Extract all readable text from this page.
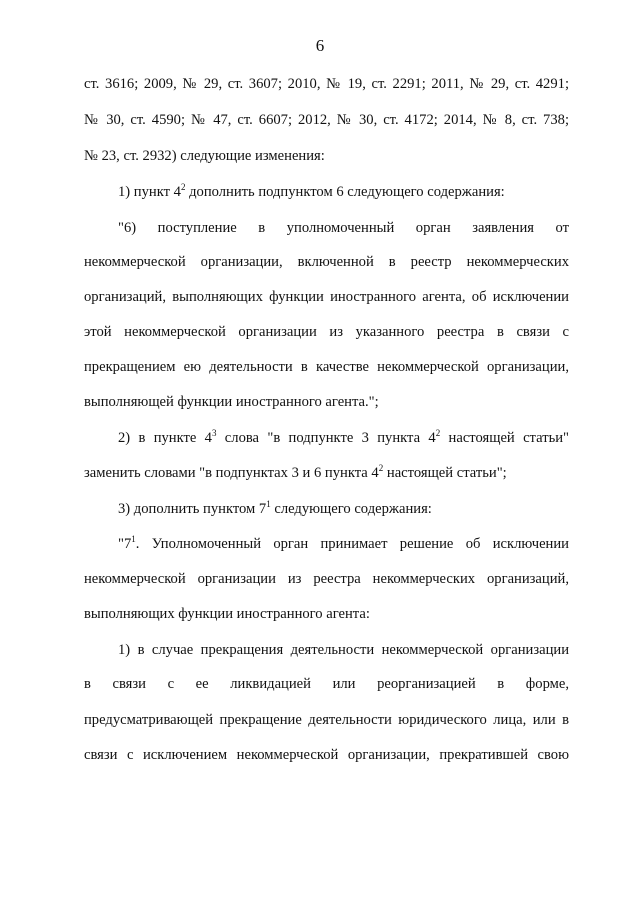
6
ст. 3616; 2009, № 29, ст. 3607; 2010, № 19, ст. 2291; 2011, № 29, ст. 4291;
№ 30, ст. 4590; № 47, ст. 6607; 2012, № 30, ст. 4172; 2014, № 8, ст. 738;
№ 23, ст. 2932) следующие изменения:
1) пункт $4^2$ дополнить подпунктом 6 следующего содержания:
"6) поступление в уполномоченный орган заявления от
некоммерческой организации, включенной в реестр некоммерческих
организаций, выполняющих функции иностранного агента, об исключении
этой некоммерческой организации из указанного реестра в связи с
прекращением ею деятельности в качестве некоммерческой организации,
выполняющей функции иностранного агента.";
2) в пункте $4^3$ слова "в подпункте 3 пункта $4^2$ настоящей статьи"
заменить словами "в подпунктах 3 и 6 пункта $4^2$ настоящей статьи";
3) дополнить пунктом $7^1$ следующего содержания:
"$7^1$. Уполномоченный орган принимает решение об исключении
некоммерческой организации из реестра некоммерческих организаций,
выполняющих функции иностранного агента:
1) в случае прекращения деятельности некоммерческой организации
в связи с ее ликвидацией или реорганизацией в форме,
предусматривающей прекращение деятельности юридического лица, или в
связи с исключением некоммерческой организации, прекратившей свою
